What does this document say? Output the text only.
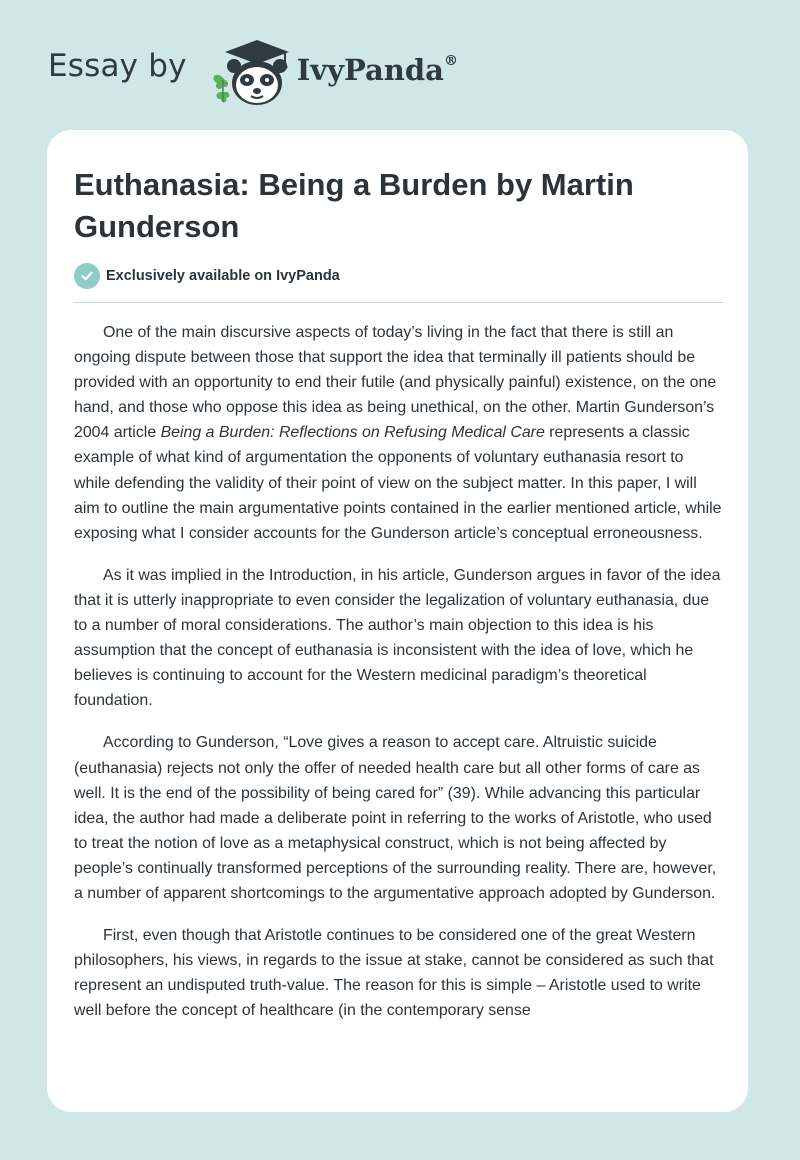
Essay by	IvyPanda®
Euthanasia: Being a Burden by Martin Gunderson
Exclusively available on IvyPanda

One of the main discursive aspects of today’s living in the fact that there is still an ongoing dispute between those that support the idea that terminally ill patients should be provided with an opportunity to end their futile (and physically painful) existence, on the one hand, and those who oppose this idea as being unethical, on the other. Martin Gunderson’s 2004 article Being a Burden: Reflections on Refusing Medical Care represents a classic example of what kind of argumentation the opponents of voluntary euthanasia resort to while defending the validity of their point of view on the subject matter. In this paper, I will aim to outline the main argumentative points contained in the earlier mentioned article, while exposing what I consider accounts for the Gunderson article’s conceptual erroneousness.

As it was implied in the Introduction, in his article, Gunderson argues in favor of the idea that it is utterly inappropriate to even consider the legalization of voluntary euthanasia, due to a number of moral considerations. The author’s main objection to this idea is his assumption that the concept of euthanasia is inconsistent with the idea of love, which he believes is continuing to account for the Western medicinal paradigm’s theoretical foundation.

According to Gunderson, “Love gives a reason to accept care. Altruistic suicide (euthanasia) rejects not only the offer of needed health care but all other forms of care as well. It is the end of the possibility of being cared for” (39). While advancing this particular idea, the author had made a deliberate point in referring to the works of Aristotle, who used to treat the notion of love as a metaphysical construct, which is not being affected by people’s continually transformed perceptions of the surrounding reality. There are, however, a number of apparent shortcomings to the argumentative approach adopted by Gunderson.

First, even though that Aristotle continues to be considered one of the great Western philosophers, his views, in regards to the issue at stake, cannot be considered as such that represent an undisputed truth-value. The reason for this is simple – Aristotle used to write well before the concept of healthcare (in the contemporary sense
